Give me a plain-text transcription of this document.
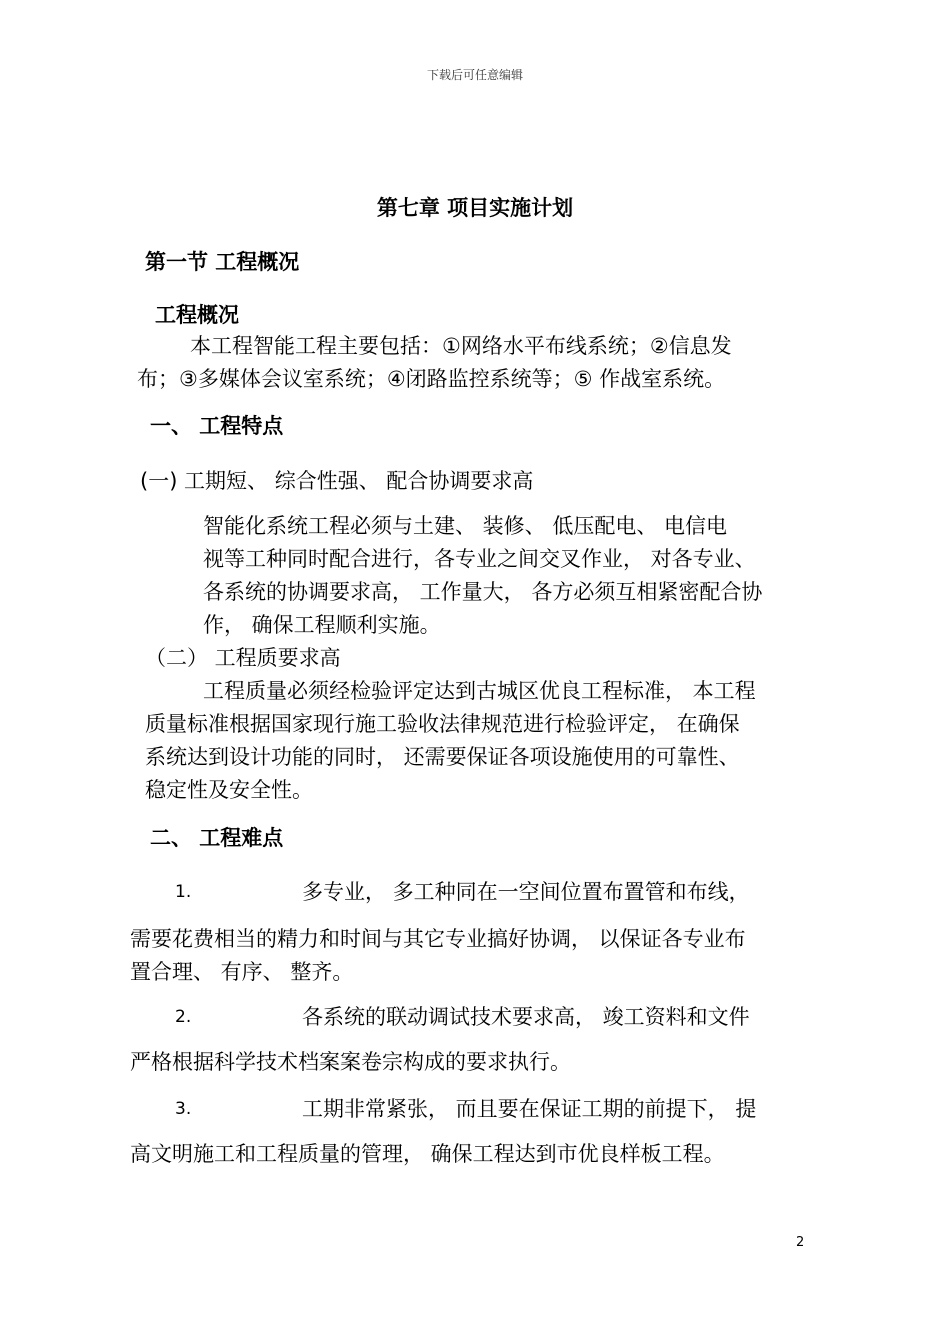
下载后可任意编辑
第七章 项目实施计划
第一节 工程概况
工程概况
本工程智能工程主要包括：①网络水平布线系统；②信息发
布；③多媒体会议室系统；④闭路监控系统等；⑤ 作战室系统。
一、 工程特点
(一) 工期短、 综合性强、 配合协调要求高
智能化系统工程必须与土建、 装修、 低压配电、 电信电
视等工种同时配合进行，各专业之间交叉作业， 对各专业、
各系统的协调要求高， 工作量大， 各方必须互相紧密配合协
作， 确保工程顺利实施。
（二） 工程质要求高
工程质量必须经检验评定达到古城区优良工程标准， 本工程
质量标准根据国家现行施工验收法律规范进行检验评定， 在确保
系统达到设计功能的同时， 还需要保证各项设施使用的可靠性、
稳定性及安全性。
二、 工程难点
1.	多专业， 多工种同在一空间位置布置管和布线，
需要花费相当的精力和时间与其它专业搞好协调， 以保证各专业布
置合理、 有序、 整齐。
2.	各系统的联动调试技术要求高， 竣工资料和文件
严格根据科学技术档案案卷宗构成的要求执行。
3.	工期非常紧张， 而且要在保证工期的前提下， 提
高文明施工和工程质量的管理， 确保工程达到市优良样板工程。
2
